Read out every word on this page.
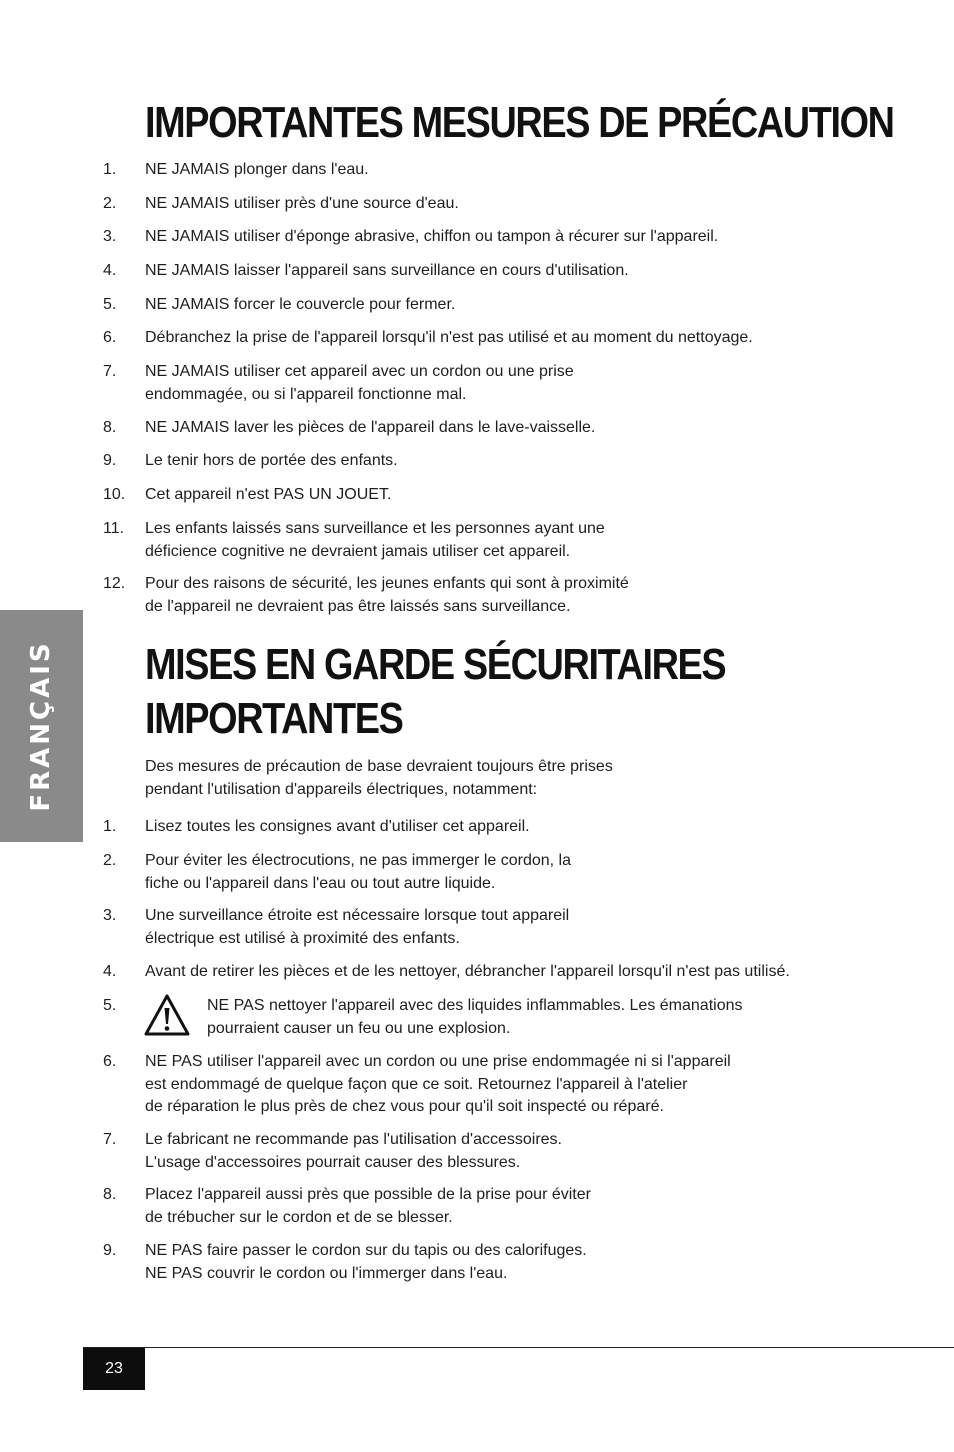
IMPORTANTES MESURES DE PRÉCAUTION
1. NE JAMAIS plonger dans l'eau.
2. NE JAMAIS utiliser près d'une source d'eau.
3. NE JAMAIS utiliser d'éponge abrasive, chiffon ou tampon à récurer sur l'appareil.
4. NE JAMAIS laisser l'appareil sans surveillance en cours d'utilisation.
5. NE JAMAIS forcer le couvercle pour fermer.
6. Débranchez la prise de l'appareil lorsqu'il n'est pas utilisé et au moment du nettoyage.
7. NE JAMAIS utiliser cet appareil avec un cordon ou une prise
endommagée, ou si l'appareil fonctionne mal.
8. NE JAMAIS laver les pièces de l'appareil dans le lave-vaisselle.
9. Le tenir hors de portée des enfants.
10. Cet appareil n'est PAS UN JOUET.
11. Les enfants laissés sans surveillance et les personnes ayant une
déficience cognitive ne devraient jamais utiliser cet appareil.
12. Pour des raisons de sécurité, les jeunes enfants qui sont à proximité
de l'appareil ne devraient pas être laissés sans surveillance.
MISES EN GARDE SÉCURITAIRES
IMPORTANTES
Des mesures de précaution de base devraient toujours être prises
pendant l'utilisation d'appareils électriques, notamment:
1. Lisez toutes les consignes avant d'utiliser cet appareil.
2. Pour éviter les électrocutions, ne pas immerger le cordon, la
fiche ou l'appareil dans l'eau ou tout autre liquide.
3. Une surveillance étroite est nécessaire lorsque tout appareil
électrique est utilisé à proximité des enfants.
4. Avant de retirer les pièces et de les nettoyer, débrancher l'appareil lorsqu'il n'est pas utilisé.
5.	NE PAS nettoyer l'appareil avec des liquides inflammables. Les émanations
pourraient causer un feu ou une explosion.
6. NE PAS utiliser l'appareil avec un cordon ou une prise endommagée ni si l'appareil
est endommagé de quelque façon que ce soit. Retournez l'appareil à l'atelier
de réparation le plus près de chez vous pour qu'il soit inspecté ou réparé.
7. Le fabricant ne recommande pas l'utilisation d'accessoires.
L'usage d'accessoires pourrait causer des blessures.
8. Placez l'appareil aussi près que possible de la prise pour éviter
de trébucher sur le cordon et de se blesser.
9. NE PAS faire passer le cordon sur du tapis ou des calorifuges.
NE PAS couvrir le cordon ou l'immerger dans l'eau.
FRANÇAIS
23
